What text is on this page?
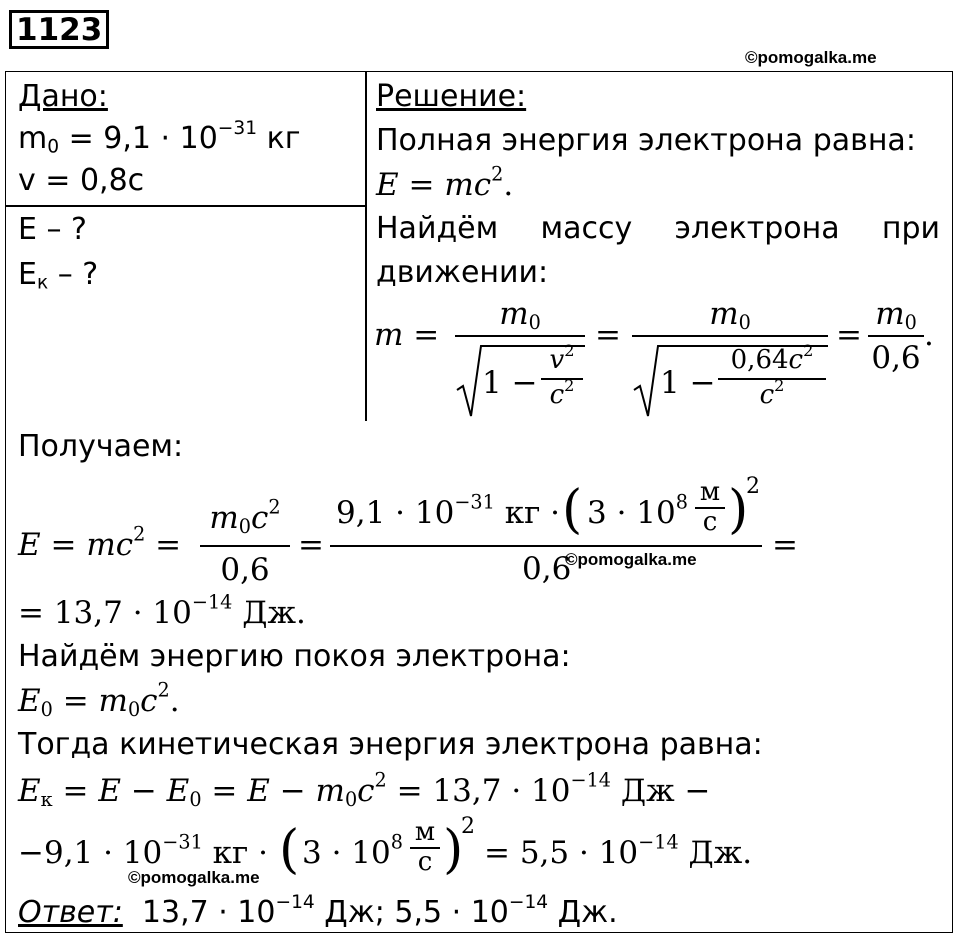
1123
©pomogalka.me
Дано:
$m_0 = 9,1 \cdot 10^{-31}$ кг
v = 0,8c
E – ?
$E_к$ – ?
Решение:
Полная энергия электрона равна:
$E = mc^2$.
Найдём массу электрона при
движении:
m =
$m_0$
1 −
$v^2$
$c^2$
=
$m_0$
1 −
$0,64c^2$
$c^2$
=
$m_0$
0,6
.
Получаем:
$E = mc^2$ =
$m_0c^2$
0,6
=
$9,1 \cdot 10^{-31}$ кг · ( $3 \cdot 10^8$ м
с )
2
0,6
©pomogalka.me =
= $13,7 \cdot 10^{-14}$ Дж.
Найдём энергию покоя электрона:
$E_0 = m_0c^2$.
Тогда кинетическая энергия электрона равна:
$E_к = E - E_0 = E - m_0c^2 = 13,7 \cdot 10^{-14}$ Дж −
$-9,1 \cdot 10^{-31}$ кг · ( $3 \cdot 10^8$ м
с )
2
= $5,5 \cdot 10^{-14}$ Дж.
©pomogalka.me
Ответ: $13,7 \cdot 10^{-14}$ Дж; $5,5 \cdot 10^{-14}$ Дж.
